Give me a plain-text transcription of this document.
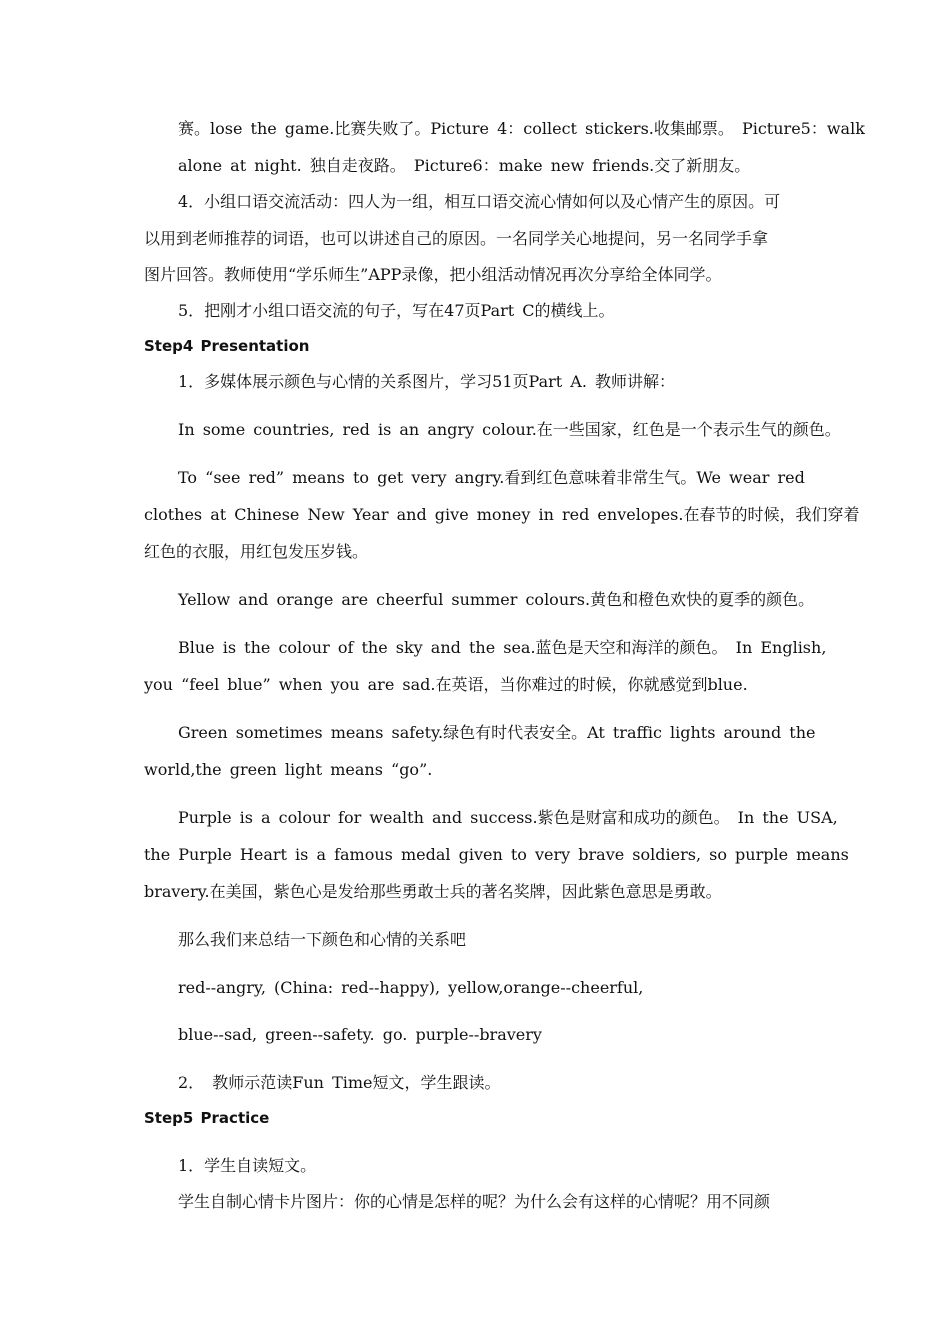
赛。lose the game.比赛失败了。Picture 4：collect stickers.收集邮票。 Picture5：walk
alone at night. 独自走夜路。 Picture6：make new friends.交了新朋友。
4．小组口语交流活动：四人为一组，相互口语交流心情如何以及心情产生的原因。可
以用到老师推荐的词语，也可以讲述自己的原因。一名同学关心地提问，另一名同学手拿
图片回答。教师使用“学乐师生”APP录像，把小组活动情况再次分享给全体同学。
5．把刚才小组口语交流的句子，写在47页Part C的横线上。
Step4 Presentation
1．多媒体展示颜色与心情的关系图片，学习51页Part A. 教师讲解：
In some countries, red is an angry colour.在一些国家，红色是一个表示生气的颜色。
To “see red” means to get very angry.看到红色意味着非常生气。We wear red
clothes at Chinese New Year and give money in red envelopes.在春节的时候，我们穿着
红色的衣服，用红包发压岁钱。
Yellow and orange are cheerful summer colours.黄色和橙色欢快的夏季的颜色。
Blue is the colour of the sky and the sea.蓝色是天空和海洋的颜色。 In English,
you “feel blue” when you are sad.在英语，当你难过的时候，你就感觉到blue.
Green sometimes means safety.绿色有时代表安全。At traffic lights around the
world,the green light means “go”.
Purple is a colour for wealth and success.紫色是财富和成功的颜色。 In the USA,
the Purple Heart is a famous medal given to very brave soldiers, so purple means
bravery.在美国，紫色心是发给那些勇敢士兵的著名奖牌，因此紫色意思是勇敢。
那么我们来总结一下颜色和心情的关系吧
red--angry, (China: red--happy), yellow,orange--cheerful,
blue--sad, green--safety. go. purple--bravery
2． 教师示范读Fun Time短文，学生跟读。
Step5 Practice
1．学生自读短文。
学生自制心情卡片图片：你的心情是怎样的呢？为什么会有这样的心情呢？用不同颜
